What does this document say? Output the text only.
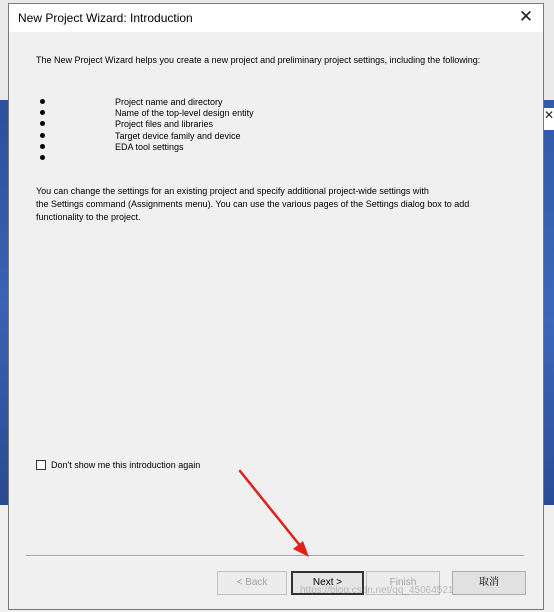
✕
New Project Wizard: Introduction	✕
The New Project Wizard helps you create a new project and preliminary project settings, including the following:
Project name and directory
Name of the top-level design entity
Project files and libraries
Target device family and device
EDA tool settings
You can change the settings for an existing project and specify additional project-wide settings with
the Settings command (Assignments menu). You can use the various pages of the Settings dialog box to add
functionality to the project.
Don't show me this introduction again
< Back	Next >	Finish	取消
https://blog.csdn.net/qq_45064521
